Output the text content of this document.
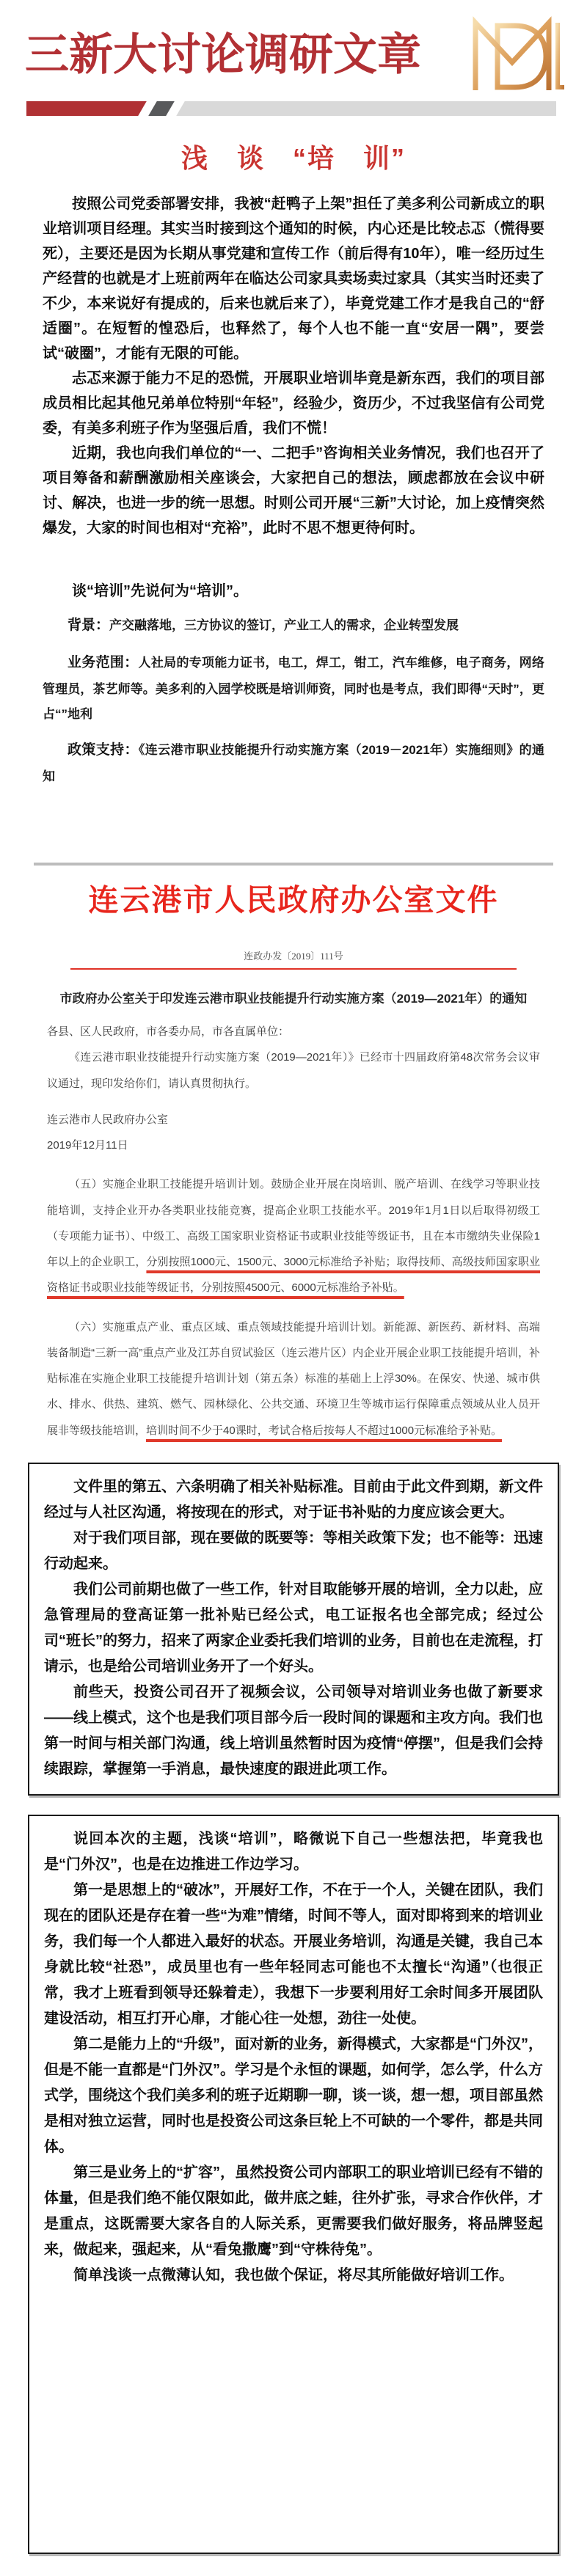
三新大讨论调研文章
浅　谈　“培　训”

按照公司党委部署安排，我被“赶鸭子上架”担任了美多利公司新成立的职业培训项目经理。其实当时接到这个通知的时候，内心还是比较忐忑（慌得要死），主要还是因为长期从事党建和宣传工作（前后得有10年），唯一经历过生产经营的也就是才上班前两年在临达公司家具卖场卖过家具（其实当时还卖了不少，本来说好有提成的，后来也就后来了），毕竟党建工作才是我自己的“舒适圈”。在短暂的惶恐后，也释然了，每个人也不能一直“安居一隅”，要尝试“破圈”，才能有无限的可能。

忐忑来源于能力不足的恐慌，开展职业培训毕竟是新东西，我们的项目部成员相比起其他兄弟单位特别“年轻”，经验少，资历少，不过我坚信有公司党委，有美多利班子作为坚强后盾，我们不慌！

近期，我也向我们单位的“一、二把手”咨询相关业务情况，我们也召开了项目筹备和薪酬激励相关座谈会，大家把自己的想法，顾虑都放在会议中研讨、解决，也进一步的统一思想。时则公司开展“三新”大讨论，加上疫情突然爆发，大家的时间也相对“充裕”，此时不思不想更待何时。

谈“培训”先说何为“培训”。
背景：产交融落地，三方协议的签订，产业工人的需求，企业转型发展
业务范围：人社局的专项能力证书，电工，焊工，钳工，汽车维修，电子商务，网络管理员，茶艺师等。美多利的入园学校既是培训师资，同时也是考点，我们即得“天时”，更占“”地利
政策支持：《连云港市职业技能提升行动实施方案（2019－2021年）实施细则》的通知
连云港市人民政府办公室文件
连政办发〔2019〕111号
市政府办公室关于印发连云港市职业技能提升行动实施方案（2019—2021年）的通知

各县、区人民政府，市各委办局，市各直属单位：

《连云港市职业技能提升行动实施方案（2019—2021年）》已经市十四届政府第48次常务会议审议通过，现印发给你们，请认真贯彻执行。

连云港市人民政府办公室

2019年12月11日

（五）实施企业职工技能提升培训计划。鼓励企业开展在岗培训、脱产培训、在线学习等职业技能培训，支持企业开办各类职业技能竞赛，提高企业职工技能水平。2019年1月1日以后取得初级工（专项能力证书）、中级工、高级工国家职业资格证书或职业技能等级证书，且在本市缴纳失业保险1年以上的企业职工，分别按照1000元、1500元、3000元标准给予补贴；取得技师、高级技师国家职业资格证书或职业技能等级证书，分别按照4500元、6000元标准给予补贴。

（六）实施重点产业、重点区域、重点领域技能提升培训计划。新能源、新医药、新材料、高端装备制造“三新一高”重点产业及江苏自贸试验区（连云港片区）内企业开展企业职工技能提升培训，补贴标准在实施企业职工技能提升培训计划（第五条）标准的基础上上浮30%。在保安、快递、城市供水、排水、供热、建筑、燃气、园林绿化、公共交通、环境卫生等城市运行保障重点领域从业人员开展非等级技能培训，培训时间不少于40课时，考试合格后按每人不超过1000元标准给予补贴。

文件里的第五、六条明确了相关补贴标准。目前由于此文件到期，新文件经过与人社区沟通，将按现在的形式，对于证书补贴的力度应该会更大。

对于我们项目部，现在要做的既要等：等相关政策下发；也不能等：迅速行动起来。

我们公司前期也做了一些工作，针对目取能够开展的培训，全力以赴，应急管理局的登高证第一批补贴已经公式，电工证报名也全部完成；经过公司“班长”的努力，招来了两家企业委托我们培训的业务，目前也在走流程，打请示，也是给公司培训业务开了一个好头。

前些天，投资公司召开了视频会议，公司领导对培训业务也做了新要求——线上模式，这个也是我们项目部今后一段时间的课题和主攻方向。我们也第一时间与相关部门沟通，线上培训虽然暂时因为疫情“停摆”，但是我们会持续跟踪，掌握第一手消息，最快速度的跟进此项工作。

说回本次的主题，浅谈“培训”，略微说下自己一些想法把，毕竟我也是“门外汉”，也是在边推进工作边学习。

第一是思想上的“破冰”，开展好工作，不在于一个人，关键在团队，我们现在的团队还是存在着一些“为难”情绪，时间不等人，面对即将到来的培训业务，我们每一个人都进入最好的状态。开展业务培训，沟通是关键，我自己本身就比较“社恐”，成员里也有一些年轻同志可能也不太擅长“沟通”（也很正常，我才上班看到领导还躲着走），我想下一步要利用好工余时间多开展团队建设活动，相互打开心扉，才能心往一处想，劲往一处使。

第二是能力上的“升级”，面对新的业务，新得模式，大家都是“门外汉”，但是不能一直都是“门外汉”。学习是个永恒的课题，如何学，怎么学，什么方式学，围绕这个我们美多利的班子近期聊一聊，谈一谈，想一想，项目部虽然是相对独立运营，同时也是投资公司这条巨轮上不可缺的一个零件，都是共同体。

第三是业务上的“扩容”，虽然投资公司内部职工的职业培训已经有不错的体量，但是我们绝不能仅限如此，做井底之蛙，往外扩张，寻求合作伙伴，才是重点，这既需要大家各自的人际关系，更需要我们做好服务，将品牌竖起来，做起来，强起来，从“看兔撒鹰”到“守株待兔”。

简单浅谈一点微薄认知，我也做个保证，将尽其所能做好培训工作。
